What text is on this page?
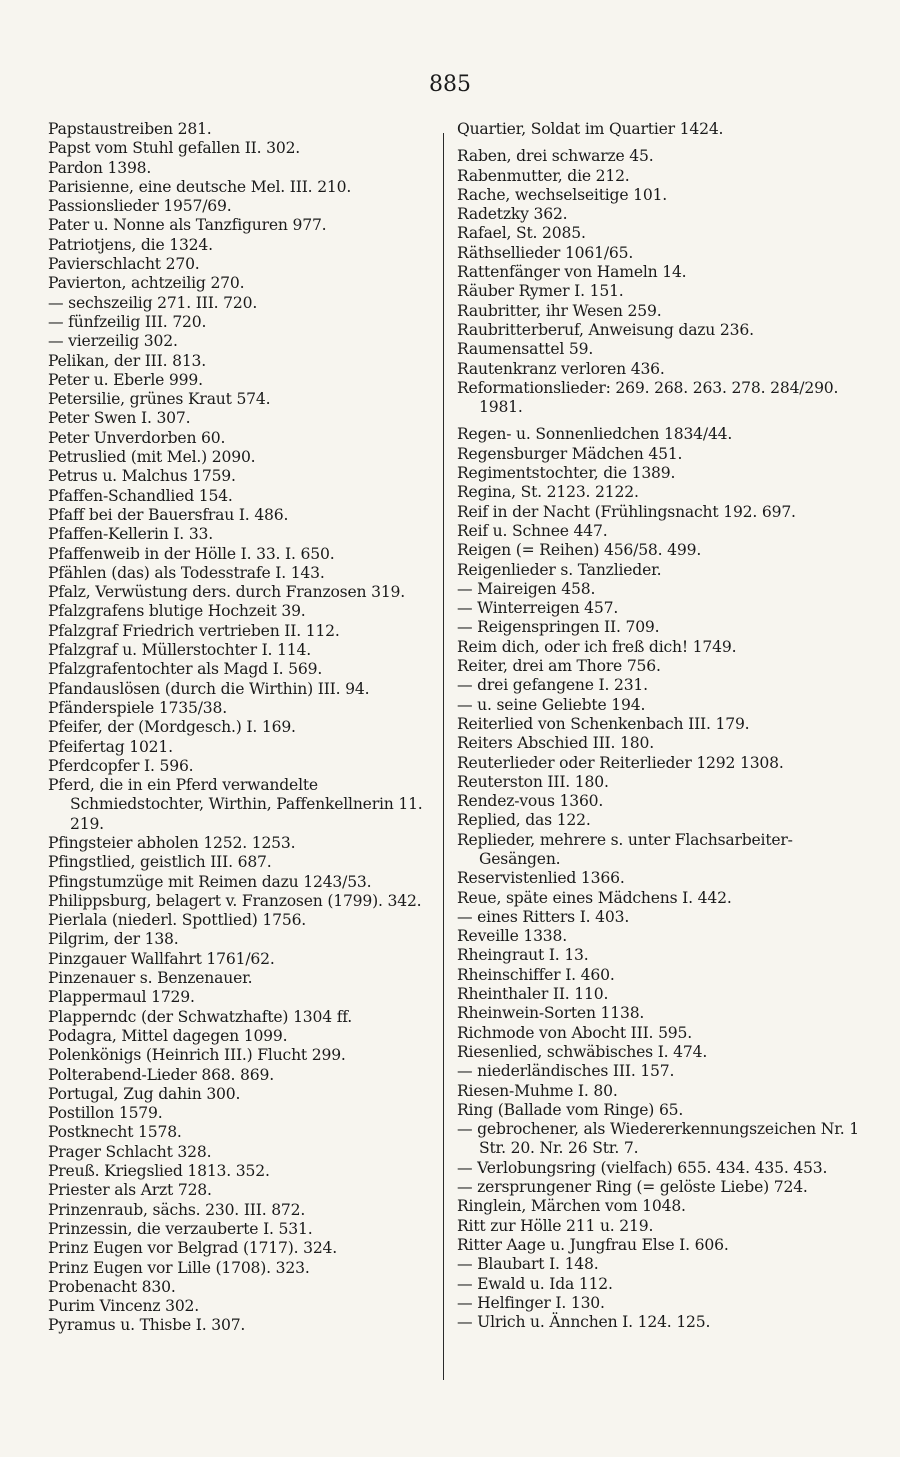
885

Papstaustreiben 281.

Papst vom Stuhl gefallen II. 302.

Pardon 1398.

Parisienne, eine deutsche Mel. III. 210.

Passionslieder 1957/69.

Pater u. Nonne als Tanzfiguren 977.

Patriotjens, die 1324.

Pavierschlacht 270.

Pavierton, achtzeilig 270.

— sechszeilig 271. III. 720.

— fünfzeilig III. 720.

— vierzeilig 302.

Pelikan, der III. 813.

Peter u. Eberle 999.

Petersilie, grünes Kraut 574.

Peter Swen I. 307.

Peter Unverdorben 60.

Petruslied (mit Mel.) 2090.

Petrus u. Malchus 1759.

Pfaffen-Schandlied 154.

Pfaff bei der Bauersfrau I. 486.

Pfaffen-Kellerin I. 33.

Pfaffenweib in der Hölle I. 33. I. 650.

Pfählen (das) als Todesstrafe I. 143.

Pfalz, Verwüstung ders. durch Franzosen 319.

Pfalzgrafens blutige Hochzeit 39.

Pfalzgraf Friedrich vertrieben II. 112.

Pfalzgraf u. Müllerstochter I. 114.

Pfalzgrafentochter als Magd I. 569.

Pfandauslösen (durch die Wirthin) III. 94.

Pfänderspiele 1735/38.

Pfeifer, der (Mordgesch.) I. 169.

Pfeifertag 1021.

Pferdcopfer I. 596.

Pferd, die in ein Pferd verwandelte Schmiedstochter, Wirthin, Paffenkellnerin 11. 219.

Pfingsteier abholen 1252. 1253.

Pfingstlied, geistlich III. 687.

Pfingstumzüge mit Reimen dazu 1243/53.

Philippsburg, belagert v. Franzosen (1799). 342.

Pierlala (niederl. Spottlied) 1756.

Pilgrim, der 138.

Pinzgauer Wallfahrt 1761/62.

Pinzenauer s. Benzenauer.

Plappermaul 1729.

Plapperndc (der Schwatzhafte) 1304 ff.

Podagra, Mittel dagegen 1099.

Polenkönigs (Heinrich III.) Flucht 299.

Polterabend-Lieder 868. 869.

Portugal, Zug dahin 300.

Postillon 1579.

Postknecht 1578.

Prager Schlacht 328.

Preuß. Kriegslied 1813. 352.

Priester als Arzt 728.

Prinzenraub, sächs. 230. III. 872.

Prinzessin, die verzauberte I. 531.

Prinz Eugen vor Belgrad (1717). 324.

Prinz Eugen vor Lille (1708). 323.

Probenacht 830.

Purim Vincenz 302.

Pyramus u. Thisbe I. 307.

Quartier, Soldat im Quartier 1424.

Raben, drei schwarze 45.

Rabenmutter, die 212.

Rache, wechselseitige 101.

Radetzky 362.

Rafael, St. 2085.

Räthsellieder 1061/65.

Rattenfänger von Hameln 14.

Räuber Rymer I. 151.

Raubritter, ihr Wesen 259.

Raubritterberuf, Anweisung dazu 236.

Raumensattel 59.

Rautenkranz verloren 436.

Reformationslieder: 269. 268. 263. 278. 284/290. 1981.

Regen- u. Sonnenliedchen 1834/44.

Regensburger Mädchen 451.

Regimentstochter, die 1389.

Regina, St. 2123. 2122.

Reif in der Nacht (Frühlingsnacht 192. 697.

Reif u. Schnee 447.

Reigen (= Reihen) 456/58. 499.

Reigenlieder s. Tanzlieder.

— Maireigen 458.

— Winterreigen 457.

— Reigenspringen II. 709.

Reim dich, oder ich freß dich! 1749.

Reiter, drei am Thore 756.

— drei gefangene I. 231.

— u. seine Geliebte 194.

Reiterlied von Schenkenbach III. 179.

Reiters Abschied III. 180.

Reuterlieder oder Reiterlieder 1292 1308.

Reuterston III. 180.

Rendez-vous 1360.

Replied, das 122.

Replieder, mehrere s. unter Flachsarbeiter-Gesängen.

Reservistenlied 1366.

Reue, späte eines Mädchens I. 442.

— eines Ritters I. 403.

Reveille 1338.

Rheingraut I. 13.

Rheinschiffer I. 460.

Rheinthaler II. 110.

Rheinwein-Sorten 1138.

Richmode von Abocht III. 595.

Riesenlied, schwäbisches I. 474.

— niederländisches III. 157.

Riesen-Muhme I. 80.

Ring (Ballade vom Ringe) 65.

— gebrochener, als Wiedererkennungszeichen Nr. 1 Str. 20. Nr. 26 Str. 7.

— Verlobungsring (vielfach) 655. 434. 435. 453.

— zersprungener Ring (= gelöste Liebe) 724.

Ringlein, Märchen vom 1048.

Ritt zur Hölle 211 u. 219.

Ritter Aage u. Jungfrau Else I. 606.

— Blaubart I. 148.

— Ewald u. Ida 112.

— Helfinger I. 130.

— Ulrich u. Ännchen I. 124. 125.
